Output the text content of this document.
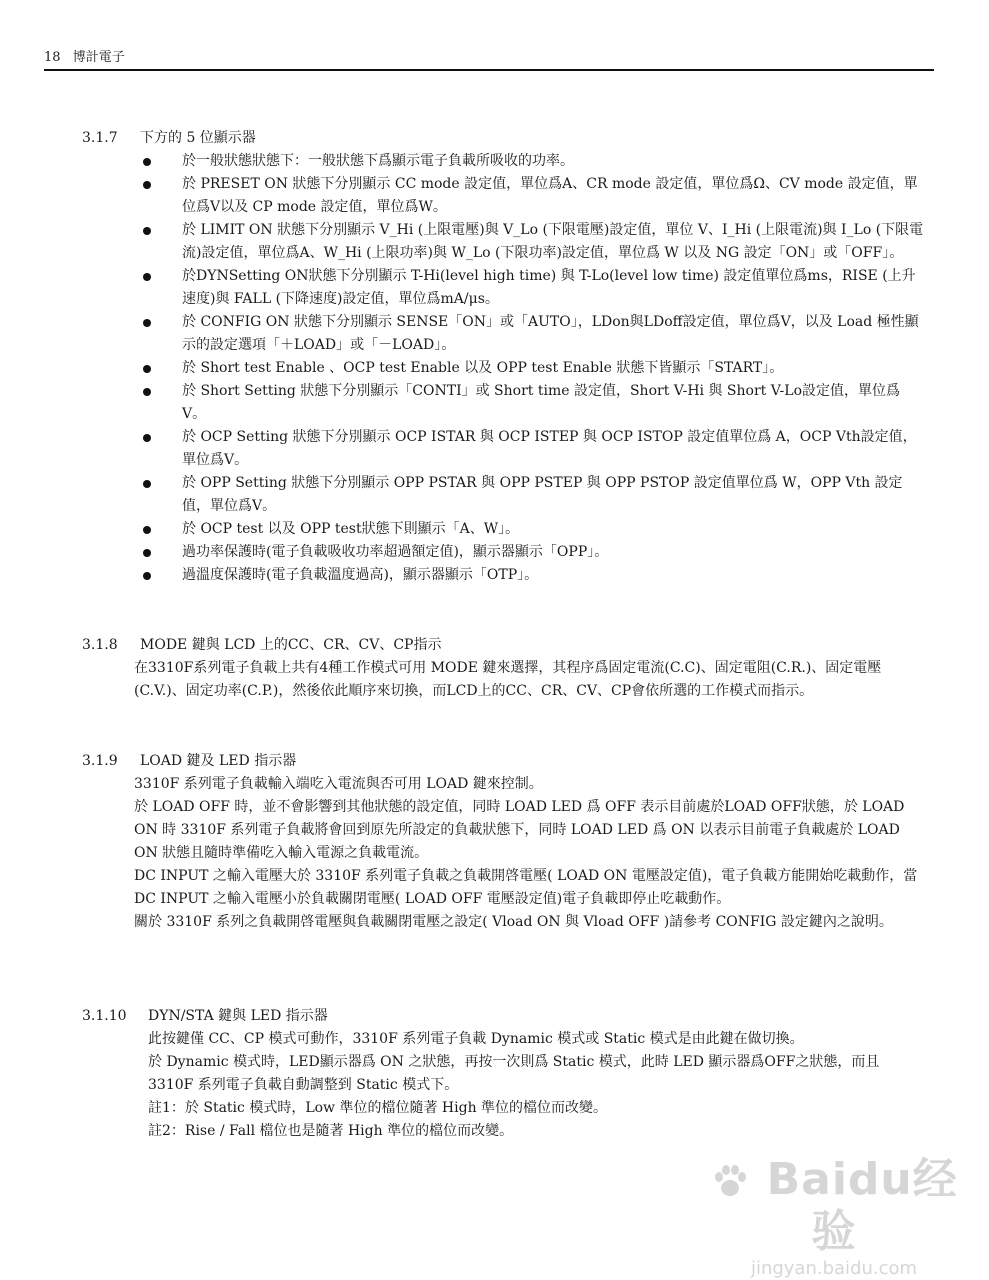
18 博計電子
3.1.7	下方的 5 位顯示器
於一般狀態狀態下：一般狀態下爲顯示電子負載所吸收的功率。
於 PRESET ON 狀態下分別顯示 CC mode 設定值，單位爲A、CR mode 設定值，單位爲Ω、CV mode 設定值，單位爲V以及 CP mode 設定值，單位爲W。
於 LIMIT ON 狀態下分別顯示 V_Hi (上限電壓)與 V_Lo (下限電壓)設定值，單位 V、I_Hi (上限電流)與 I_Lo (下限電流)設定值，單位爲A、W_Hi (上限功率)與 W_Lo (下限功率)設定值，單位爲 W 以及 NG 設定「ON」或「OFF」。
於DYNSetting ON狀態下分別顯示 T-Hi(level high time) 與 T-Lo(level low time) 設定值單位爲ms，RISE (上升速度)與 FALL (下降速度)設定值，單位爲mA/μs。
於 CONFIG ON 狀態下分別顯示 SENSE「ON」或「AUTO」，LDon與LDoff設定值，單位爲V，以及 Load 極性顯示的設定選項「＋LOAD」或「－LOAD」。
於 Short test Enable 、OCP test Enable 以及 OPP test Enable 狀態下皆顯示「START」。
於 Short Setting 狀態下分別顯示「CONTI」或 Short time 設定值，Short V-Hi 與 Short V-Lo設定值，單位爲V。
於 OCP Setting 狀態下分別顯示 OCP ISTAR 與 OCP ISTEP 與 OCP ISTOP 設定值單位爲 A，OCP Vth設定值，單位爲V。
於 OPP Setting 狀態下分別顯示 OPP PSTAR 與 OPP PSTEP 與 OPP PSTOP 設定值單位爲 W，OPP Vth 設定值，單位爲V。
於 OCP test 以及 OPP test狀態下則顯示「A、W」。
過功率保護時(電子負載吸收功率超過額定值)，顯示器顯示「OPP」。
過溫度保護時(電子負載溫度過高)，顯示器顯示「OTP」。
3.1.8	MODE 鍵與 LCD 上的CC、CR、CV、CP指示

在3310F系列電子負載上共有4種工作模式可用 MODE 鍵來選擇，其程序爲固定電流(C.C)、固定電阻(C.R.)、固定電壓(C.V.)、固定功率(C.P.)，然後依此順序來切換，而LCD上的CC、CR、CV、CP會依所選的工作模式而指示。

3.1.9	LOAD 鍵及 LED 指示器

3310F 系列電子負載輸入端吃入電流與否可用 LOAD 鍵來控制。

於 LOAD OFF 時，並不會影響到其他狀態的設定值，同時 LOAD LED 爲 OFF 表示目前處於LOAD OFF狀態，於 LOAD ON 時 3310F 系列電子負載將會回到原先所設定的負載狀態下，同時 LOAD LED 爲 ON 以表示目前電子負載處於 LOAD ON 狀態且隨時準備吃入輸入電源之負載電流。

DC INPUT 之輸入電壓大於 3310F 系列電子負載之負載開啓電壓( LOAD ON 電壓設定值)，電子負載方能開始吃載動作，當 DC INPUT 之輸入電壓小於負載關閉電壓( LOAD OFF 電壓設定值)電子負載即停止吃載動作。

關於 3310F 系列之負載開啓電壓與負載關閉電壓之設定( Vload ON 與 Vload OFF )請參考 CONFIG 設定鍵內之說明。

3.1.10	DYN/STA 鍵與 LED 指示器

此按鍵僅 CC、CP 模式可動作，3310F 系列電子負載 Dynamic 模式或 Static 模式是由此鍵在做切換。

於 Dynamic 模式時，LED顯示器爲 ON 之狀態，再按一次則爲 Static 模式，此時 LED 顯示器爲OFF之狀態，而且 3310F 系列電子負載自動調整到 Static 模式下。

註1：於 Static 模式時，Low 準位的檔位隨著 High 準位的檔位而改變。

註2：Rise / Fall 檔位也是隨著 High 準位的檔位而改變。

Baidu经验
jingyan.baidu.com
